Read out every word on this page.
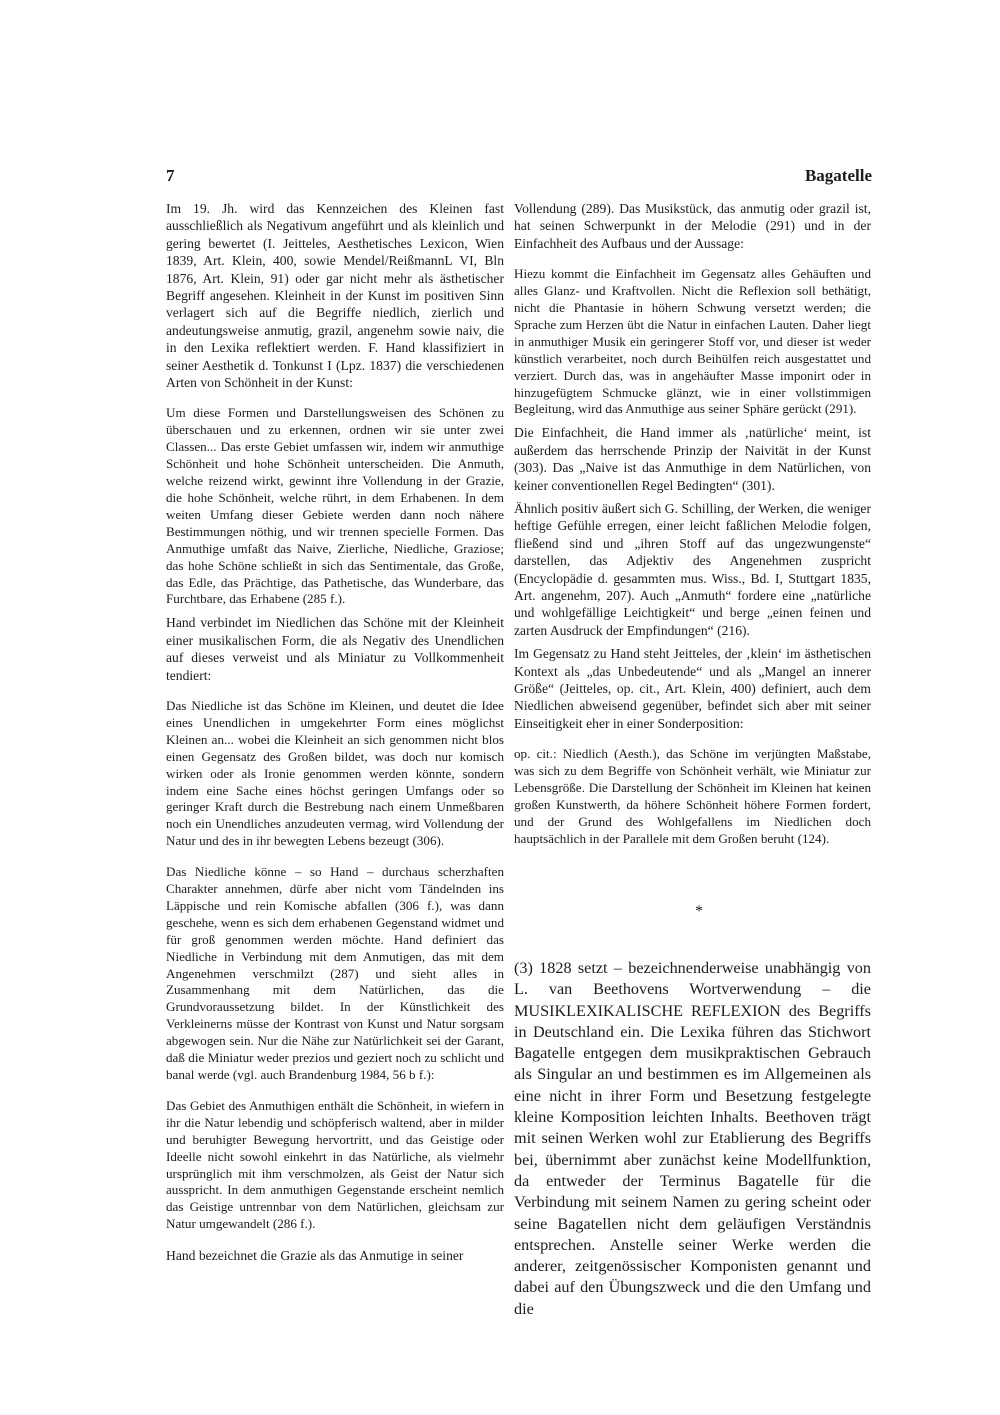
7	Bagatelle

Im 19. Jh. wird das Kennzeichen des Kleinen fast ausschließlich als Negativum angeführt und als kleinlich und gering bewertet (I. Jeitteles, Aesthetisches Lexicon, Wien 1839, Art. Klein, 400, sowie Mendel/ReißmannL VI, Bln 1876, Art. Klein, 91) oder gar nicht mehr als ästhetischer Begriff angesehen. Kleinheit in der Kunst im positiven Sinn verlagert sich auf die Begriffe niedlich, zierlich und andeutungsweise anmutig, grazil, angenehm sowie naiv, die in den Lexika reflektiert werden. F. Hand klassifiziert in seiner Aesthetik d. Tonkunst I (Lpz. 1837) die verschiedenen Arten von Schönheit in der Kunst:

Um diese Formen und Darstellungsweisen des Schönen zu überschauen und zu erkennen, ordnen wir sie unter zwei Classen... Das erste Gebiet umfassen wir, indem wir anmuthige Schönheit und hohe Schönheit unterscheiden. Die Anmuth, welche reizend wirkt, gewinnt ihre Vollendung in der Grazie, die hohe Schönheit, welche rührt, in dem Erhabenen. In dem weiten Umfang dieser Gebiete werden dann noch nähere Bestimmungen nöthig, und wir trennen specielle Formen. Das Anmuthige umfaßt das Naive, Zierliche, Niedliche, Graziose; das hohe Schöne schließt in sich das Sentimentale, das Große, das Edle, das Prächtige, das Pathetische, das Wunderbare, das Furchtbare, das Erhabene (285 f.).

Hand verbindet im Niedlichen das Schöne mit der Kleinheit einer musikalischen Form, die als Negativ des Unendlichen auf dieses verweist und als Miniatur zu Vollkommenheit tendiert:

Das Niedliche ist das Schöne im Kleinen, und deutet die Idee eines Unendlichen in umgekehrter Form eines möglichst Kleinen an... wobei die Kleinheit an sich genommen nicht blos einen Gegensatz des Großen bildet, was doch nur komisch wirken oder als Ironie genommen werden könnte, sondern indem eine Sache eines höchst geringen Umfangs oder so geringer Kraft durch die Bestrebung nach einem Unmeßbaren noch ein Unendliches anzudeuten vermag, wird Vollendung der Natur und des in ihr bewegten Lebens bezeugt (306).

Das Niedliche könne – so Hand – durchaus scherzhaften Charakter annehmen, dürfe aber nicht vom Tändelnden ins Läppische und rein Komische abfallen (306 f.), was dann geschehe, wenn es sich dem erhabenen Gegenstand widmet und für groß genommen werden möchte. Hand definiert das Niedliche in Verbindung mit dem Anmutigen, das mit dem Angenehmen verschmilzt (287) und sieht alles in Zusammenhang mit dem Natürlichen, das die Grundvoraussetzung bildet. In der Künstlichkeit des Verkleinerns müsse der Kontrast von Kunst und Natur sorgsam abgewogen sein. Nur die Nähe zur Natürlichkeit sei der Garant, daß die Miniatur weder prezios und geziert noch zu schlicht und banal werde (vgl. auch Brandenburg 1984, 56 b f.):

Das Gebiet des Anmuthigen enthält die Schönheit, in wiefern in ihr die Natur lebendig und schöpferisch waltend, aber in milder und beruhigter Bewegung hervortritt, und das Geistige oder Ideelle nicht sowohl einkehrt in das Natürliche, als vielmehr ursprünglich mit ihm verschmolzen, als Geist der Natur sich ausspricht. In dem anmuthigen Gegenstande erscheint nemlich das Geistige untrennbar von dem Natürlichen, gleichsam zur Natur umgewandelt (286 f.).

Hand bezeichnet die Grazie als das Anmutige in seiner

Vollendung (289). Das Musikstück, das anmutig oder grazil ist, hat seinen Schwerpunkt in der Melodie (291) und in der Einfachheit des Aufbaus und der Aussage:

Hiezu kommt die Einfachheit im Gegensatz alles Gehäuften und alles Glanz- und Kraftvollen. Nicht die Reflexion soll bethätigt, nicht die Phantasie in höhern Schwung versetzt werden; die Sprache zum Herzen übt die Natur in einfachen Lauten. Daher liegt in anmuthiger Musik ein geringerer Stoff vor, und dieser ist weder künstlich verarbeitet, noch durch Beihülfen reich ausgestattet und verziert. Durch das, was in angehäufter Masse imponirt oder in hinzugefügtem Schmucke glänzt, wie in einer vollstimmigen Begleitung, wird das Anmuthige aus seiner Sphäre gerückt (291).

Die Einfachheit, die Hand immer als ‚natürliche‘ meint, ist außerdem das herrschende Prinzip der Naivität in der Kunst (303). Das „Naive ist das Anmuthige in dem Natürlichen, von keiner conventionellen Regel Bedingten“ (301).

Ähnlich positiv äußert sich G. Schilling, der Werken, die weniger heftige Gefühle erregen, einer leicht faßlichen Melodie folgen, fließend sind und „ihren Stoff auf das ungezwungenste“ darstellen, das Adjektiv des Angenehmen zuspricht (Encyclopädie d. gesammten mus. Wiss., Bd. I, Stuttgart 1835, Art. angenehm, 207). Auch „Anmuth“ fordere eine „natürliche und wohlgefällige Leichtigkeit“ und berge „einen feinen und zarten Ausdruck der Empfindungen“ (216).

Im Gegensatz zu Hand steht Jeitteles, der ‚klein‘ im ästhetischen Kontext als „das Unbedeutende“ und als „Mangel an innerer Größe“ (Jeitteles, op. cit., Art. Klein, 400) definiert, auch dem Niedlichen abweisend gegenüber, befindet sich aber mit seiner Einseitigkeit eher in einer Sonderposition:

op. cit.: Niedlich (Aesth.), das Schöne im verjüngten Maßstabe, was sich zu dem Begriffe von Schönheit verhält, wie Miniatur zur Lebensgröße. Die Darstellung der Schönheit im Kleinen hat keinen großen Kunstwerth, da höhere Schönheit höhere Formen fordert, und der Grund des Wohlgefallens im Niedlichen doch hauptsächlich in der Parallele mit dem Großen beruht (124).

*

(3) 1828 setzt – bezeichnenderweise unabhängig von L. van Beethovens Wortverwendung – die MUSIKLEXIKALISCHE REFLEXION des Begriffs in Deutschland ein. Die Lexika führen das Stichwort Bagatelle entgegen dem musikpraktischen Gebrauch als Singular an und bestimmen es im Allgemeinen als eine nicht in ihrer Form und Besetzung festgelegte kleine Komposition leichten Inhalts. Beethoven trägt mit seinen Werken wohl zur Etablierung des Begriffs bei, übernimmt aber zunächst keine Modellfunktion, da entweder der Terminus Bagatelle für die Verbindung mit seinem Namen zu gering scheint oder seine Bagatellen nicht dem geläufigen Verständnis entsprechen. Anstelle seiner Werke werden die anderer, zeitgenössischer Komponisten genannt und dabei auf den Übungszweck und die den Umfang und die
